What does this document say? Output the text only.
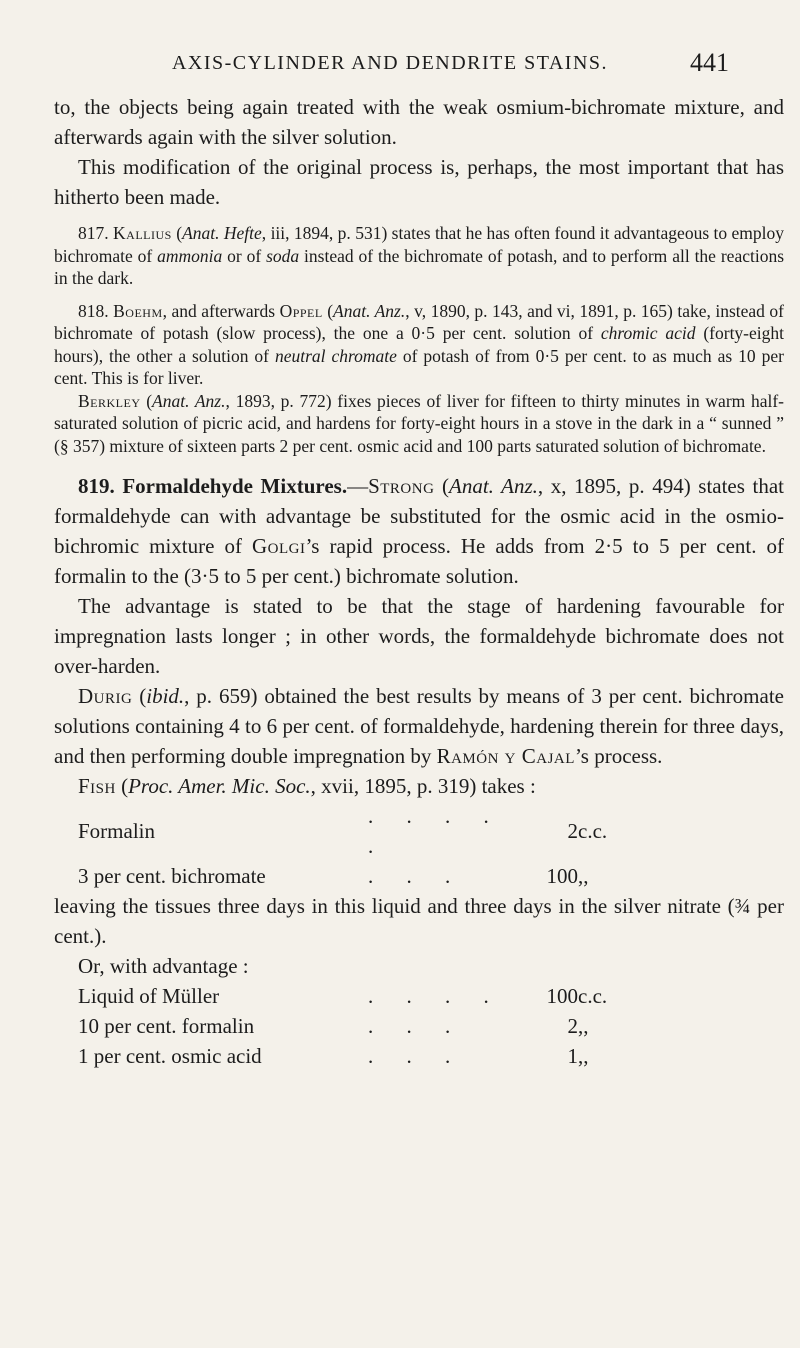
AXIS-CYLINDER AND DENDRITE STAINS.	441

to, the objects being again treated with the weak osmium-bichromate mixture, and afterwards again with the silver solution.

This modification of the original process is, perhaps, the most important that has hitherto been made.

817. Kallius (Anat. Hefte, iii, 1894, p. 531) states that he has often found it advantageous to employ bichromate of ammonia or of soda instead of the bichromate of potash, and to perform all the reactions in the dark.

818. Boehm, and afterwards Oppel (Anat. Anz., v, 1890, p. 143, and vi, 1891, p. 165) take, instead of bichromate of potash (slow process), the one a 0·5 per cent. solution of chromic acid (forty-eight hours), the other a solution of neutral chromate of potash of from 0·5 per cent. to as much as 10 per cent. This is for liver.

Berkley (Anat. Anz., 1893, p. 772) fixes pieces of liver for fifteen to thirty minutes in warm half-saturated solution of picric acid, and hardens for forty-eight hours in a stove in the dark in a “ sunned ” (§ 357) mixture of sixteen parts 2 per cent. osmic acid and 100 parts saturated solution of bichromate.

819. Formaldehyde Mixtures.—Strong (Anat. Anz., x, 1895, p. 494) states that formaldehyde can with advantage be substituted for the osmic acid in the osmio-bichromic mixture of Golgi’s rapid process. He adds from 2·5 to 5 per cent. of formalin to the (3·5 to 5 per cent.) bichromate solution.

The advantage is stated to be that the stage of hardening favourable for impregnation lasts longer ; in other words, the formaldehyde bichromate does not over-harden.

Durig (ibid., p. 659) obtained the best results by means of 3 per cent. bichromate solutions containing 4 to 6 per cent. of formaldehyde, hardening therein for three days, and then performing double impregnation by Ramón y Cajal’s process.

Fish (Proc. Amer. Mic. Soc., xvii, 1895, p. 319) takes :

Formalin	. . . . .	2	c.c.
3 per cent. bichromate	. . .	100	,,

leaving the tissues three days in this liquid and three days in the silver nitrate (¾ per cent.).

Or, with advantage :

Liquid of Müller	. . . .	100	c.c.
10 per cent. formalin	. . .	2	,,
1 per cent. osmic acid	. . .	1	,,
